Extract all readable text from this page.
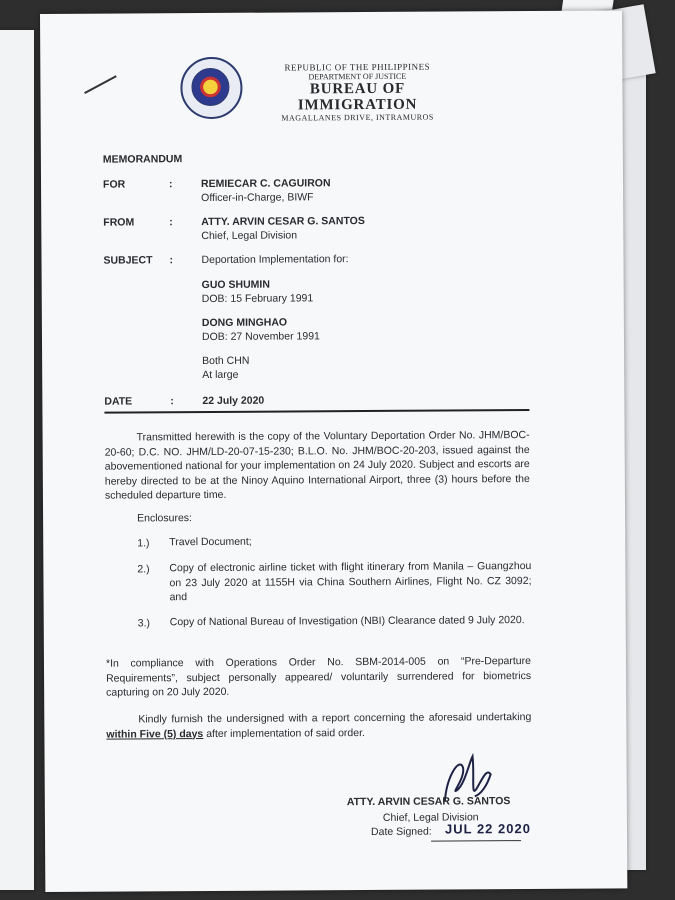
REPUBLIC OF THE PHILIPPINES
DEPARTMENT OF JUSTICE
BUREAU OF IMMIGRATION
MAGALLANES DRIVE, INTRAMUROS
MEMORANDUM
FOR	:	REMIECAR C. CAGUIRON
Officer-in-Charge, BIWF
FROM	:	ATTY. ARVIN CESAR G. SANTOS
Chief, Legal Division
SUBJECT :	Deportation Implementation for:
GUO SHUMIN
DOB: 15 February 1991
DONG MINGHAO
DOB: 27 November 1991
Both CHN
At large
DATE	:	22 July 2020
Transmitted herewith is the copy of the Voluntary Deportation Order No. JHM/BOC-20-60; D.C. NO. JHM/LD-20-07-15-230; B.L.O. No. JHM/BOC-20-203, issued against the abovementioned national for your implementation on 24 July 2020. Subject and escorts are hereby directed to be at the Ninoy Aquino International Airport, three (3) hours before the scheduled departure time.
Enclosures:
1.) Travel Document;
2.) Copy of electronic airline ticket with flight itinerary from Manila – Guangzhou on 23 July 2020 at 1155H via China Southern Airlines, Flight No. CZ 3092; and
3.) Copy of National Bureau of Investigation (NBI) Clearance dated 9 July 2020.
*In compliance with Operations Order No. SBM-2014-005 on “Pre-Departure Requirements”, subject personally appeared/ voluntarily surrendered for biometrics capturing on 20 July 2020.
Kindly furnish the undersigned with a report concerning the aforesaid undertaking within Five (5) days after implementation of said order.
ATTY. ARVIN CESAR G. SANTOS
Chief, Legal Division
Date Signed: JUL 22 2020
